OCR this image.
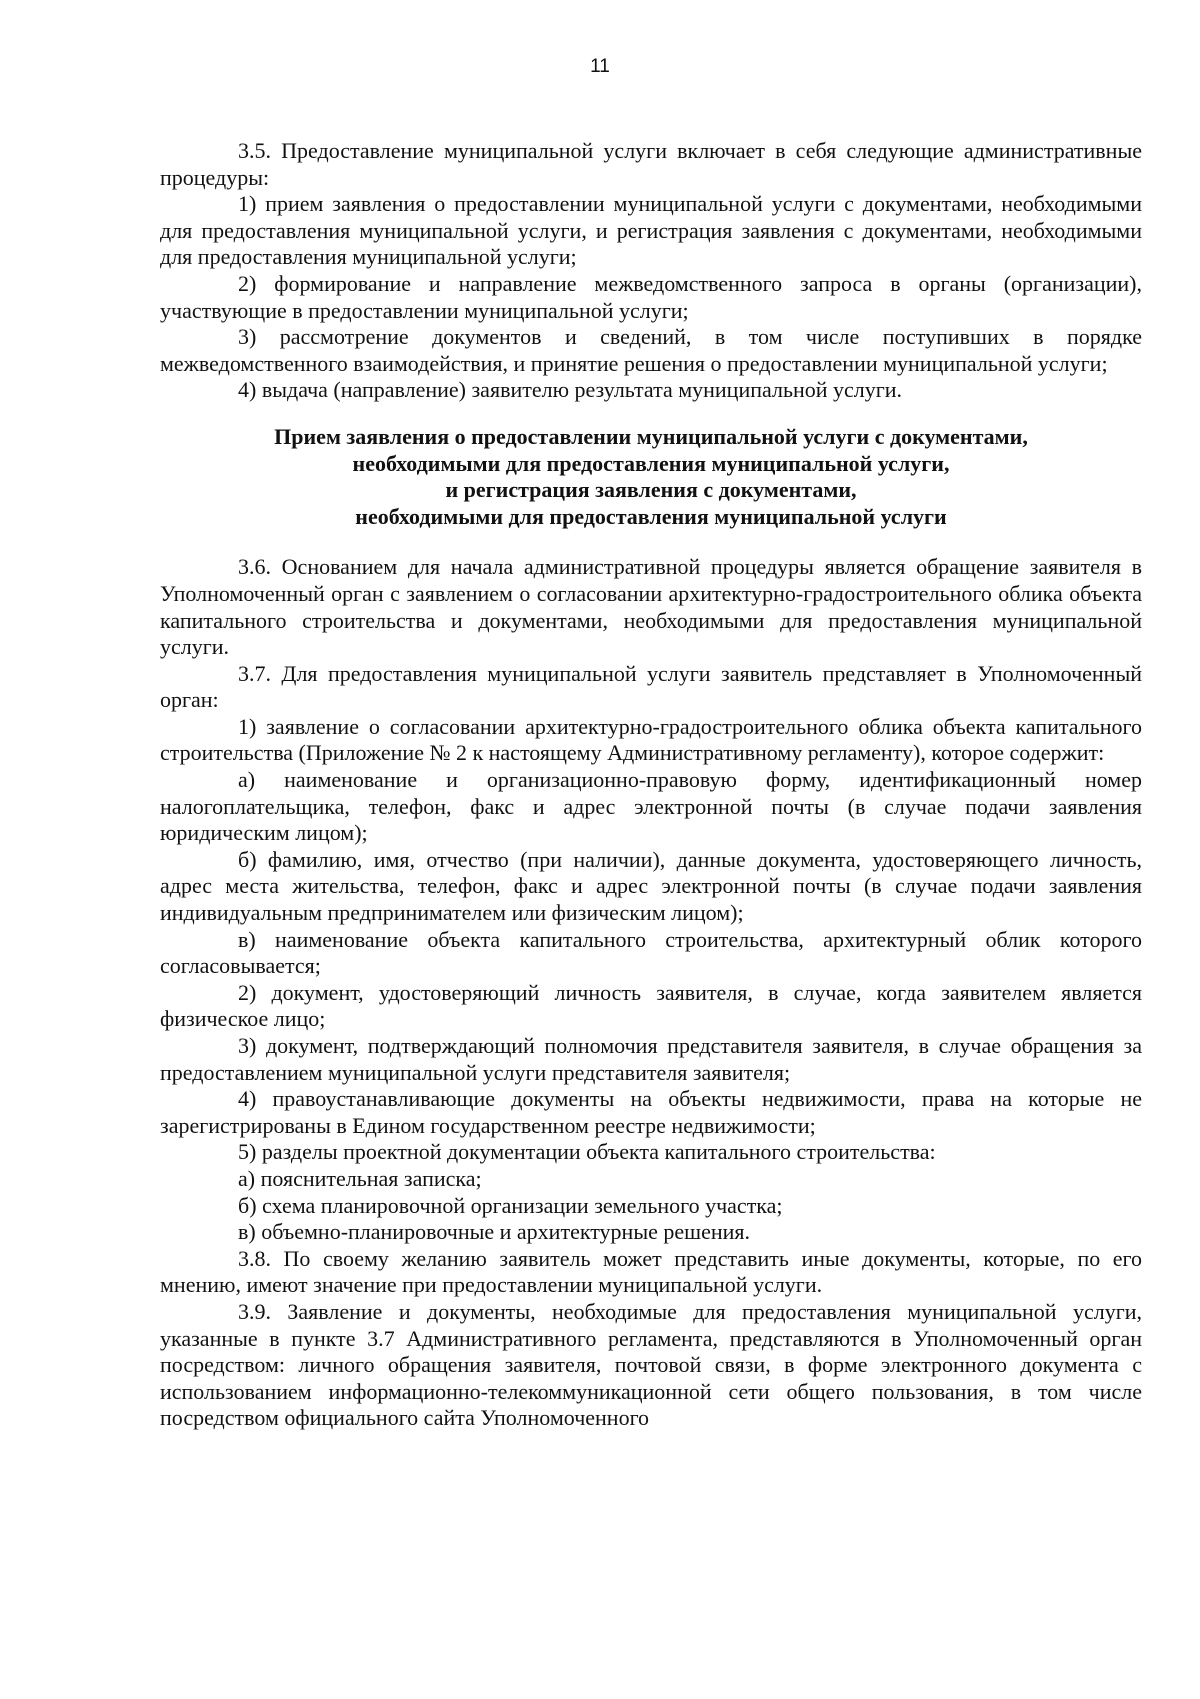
11

3.5. Предоставление муниципальной услуги включает в себя следующие административные процедуры:

1) прием заявления о предоставлении муниципальной услуги с документами, необходимыми для предоставления муниципальной услуги, и регистрация заявления с документами, необходимыми для предоставления муниципальной услуги;

2) формирование и направление межведомственного запроса в органы (организации), участвующие в предоставлении муниципальной услуги;

3) рассмотрение документов и сведений, в том числе поступивших в порядке межведомственного взаимодействия, и принятие решения о предоставлении муниципальной услуги;

4) выдача (направление) заявителю результата муниципальной услуги.

Прием заявления о предоставлении муниципальной услуги с документами,
необходимыми для предоставления муниципальной услуги,
и регистрация заявления с документами,
необходимыми для предоставления муниципальной услуги

3.6. Основанием для начала административной процедуры является обращение заявителя в Уполномоченный орган с заявлением о согласовании архитектурно-градостроительного облика объекта капитального строительства и документами, необходимыми для предоставления муниципальной услуги.

3.7. Для предоставления муниципальной услуги заявитель представляет в Уполномоченный орган:

1) заявление о согласовании архитектурно-градостроительного облика объекта капитального строительства (Приложение № 2 к настоящему Административному регламенту), которое содержит:

а) наименование и организационно-правовую форму, идентификационный номер налогоплательщика, телефон, факс и адрес электронной почты (в случае подачи заявления юридическим лицом);

б) фамилию, имя, отчество (при наличии), данные документа, удостоверяющего личность, адрес места жительства, телефон, факс и адрес электронной почты (в случае подачи заявления индивидуальным предпринимателем или физическим лицом);

в) наименование объекта капитального строительства, архитектурный облик которого согласовывается;

2) документ, удостоверяющий личность заявителя, в случае, когда заявителем является физическое лицо;

3) документ, подтверждающий полномочия представителя заявителя, в случае обращения за предоставлением муниципальной услуги представителя заявителя;

4) правоустанавливающие документы на объекты недвижимости, права на которые не зарегистрированы в Едином государственном реестре недвижимости;

5) разделы проектной документации объекта капитального строительства:

а) пояснительная записка;

б) схема планировочной организации земельного участка;

в) объемно-планировочные и архитектурные решения.

3.8. По своему желанию заявитель может представить иные документы, которые, по его мнению, имеют значение при предоставлении муниципальной услуги.

3.9. Заявление и документы, необходимые для предоставления муниципальной услуги, указанные в пункте 3.7 Административного регламента, представляются в Уполномоченный орган посредством: личного обращения заявителя, почтовой связи, в форме электронного документа с использованием информационно-телекоммуникационной сети общего пользования, в том числе посредством официального сайта Уполномоченного
